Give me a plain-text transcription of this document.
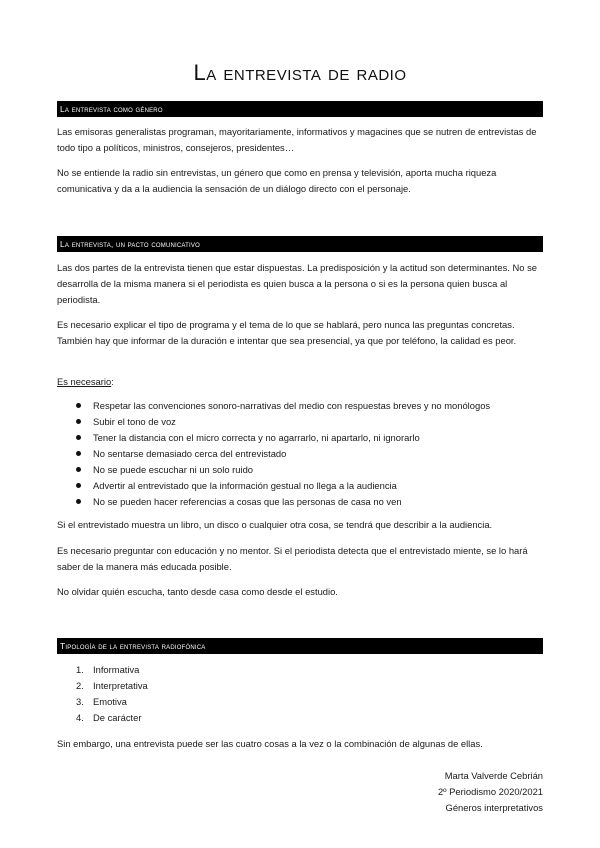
La entrevista de radio
La entrevista como género

Las emisoras generalistas programan, mayoritariamente, informativos y magacines que se nutren de entrevistas de todo tipo a políticos, ministros, consejeros, presidentes…

No se entiende la radio sin entrevistas, un género que como en prensa y televisión, aporta mucha riqueza comunicativa y da a la audiencia la sensación de un diálogo directo con el personaje.

La entrevista, un pacto comunicativo

Las dos partes de la entrevista tienen que estar dispuestas. La predisposición y la actitud son determinantes. No se desarrolla de la misma manera si el periodista es quien busca a la persona o si es la persona quien busca al periodista.

Es necesario explicar el tipo de programa y el tema de lo que se hablará, pero nunca las preguntas concretas. También hay que informar de la duración e intentar que sea presencial, ya que por teléfono, la calidad es peor.

Es necesario:

Respetar las convenciones sonoro-narrativas del medio con respuestas breves y no monólogos
Subir el tono de voz
Tener la distancia con el micro correcta y no agarrarlo, ni apartarlo, ni ignorarlo
No sentarse demasiado cerca del entrevistado
No se puede escuchar ni un solo ruido
Advertir al entrevistado que la información gestual no llega a la audiencia
No se pueden hacer referencias a cosas que las personas de casa no ven

Si el entrevistado muestra un libro, un disco o cualquier otra cosa, se tendrá que describir a la audiencia.

Es necesario preguntar con educación y no mentor. Si el periodista detecta que el entrevistado miente, se lo hará saber de la manera más educada posible.

No olvidar quién escucha, tanto desde casa como desde el estudio.

Tipología de la entrevista radiofónica
1. Informativa
2. Interpretativa
3. Emotiva
4. De carácter

Sin embargo, una entrevista puede ser las cuatro cosas a la vez o la combinación de algunas de ellas.

Marta Valverde Cebrián
2º Periodismo 2020/2021
Géneros interpretativos
